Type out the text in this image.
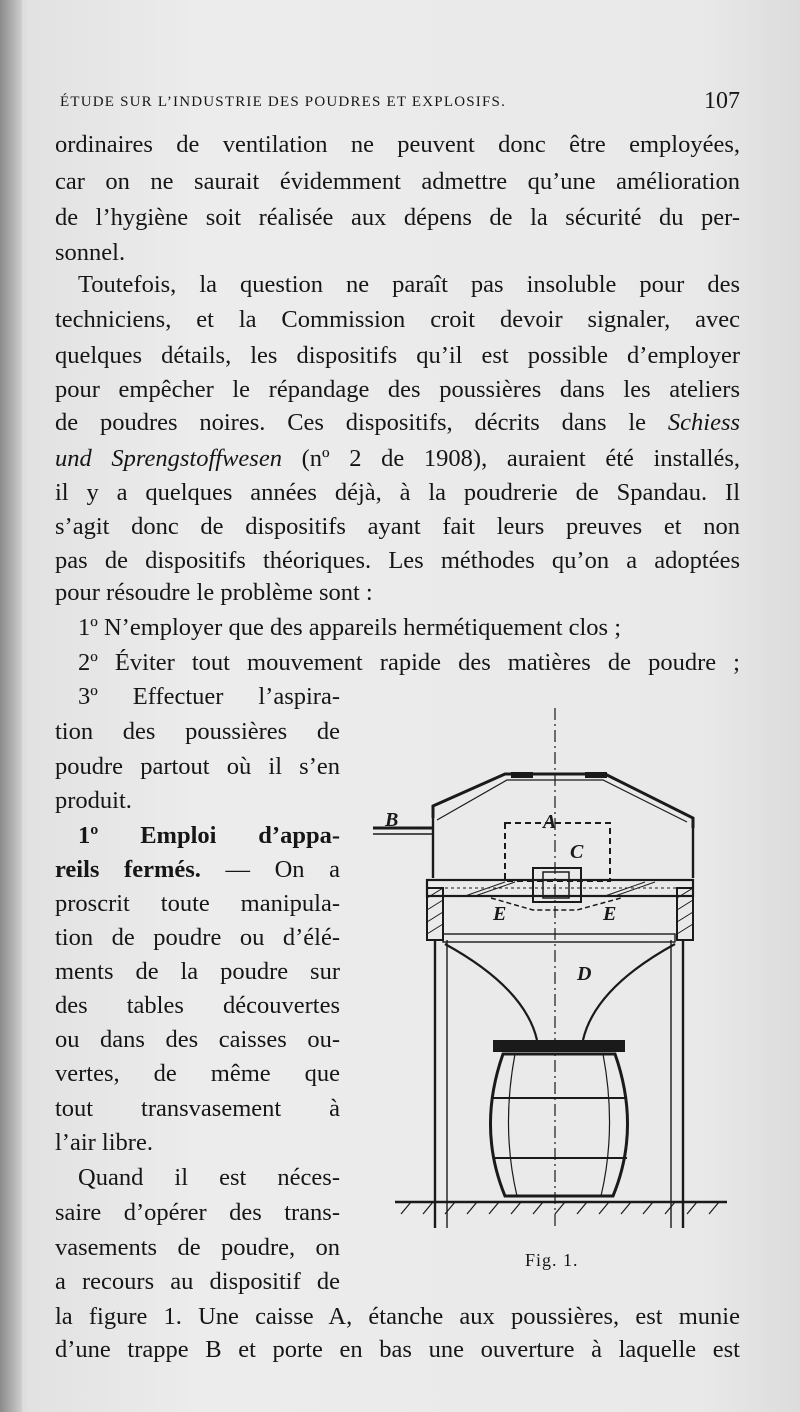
ÉTUDE SUR L’INDUSTRIE DES POUDRES ET EXPLOSIFS.	107
ordinaires de ventilation ne peuvent donc être employées,
car on ne saurait évidemment admettre qu’une amélioration
de l’hygiène soit réalisée aux dépens de la sécurité du per-
sonnel.
Toutefois, la question ne paraît pas insoluble pour des
techniciens, et la Commission croit devoir signaler, avec
quelques détails, les dispositifs qu’il est possible d’employer
pour empêcher le répandage des poussières dans les ateliers
de poudres noires. Ces dispositifs, décrits dans le Schiess
und Sprengstoffwesen (nº 2 de 1908), auraient été installés,
il y a quelques années déjà, à la poudrerie de Spandau. Il
s’agit donc de dispositifs ayant fait leurs preuves et non
pas de dispositifs théoriques. Les méthodes qu’on a adoptées
pour résoudre le problème sont :
1º N’employer que des appareils hermétiquement clos ;
2º Éviter tout mouvement rapide des matières de poudre ;
3º Effectuer l’aspira-
tion des poussières de
poudre partout où il s’en
produit.
1º Emploi d’appa-
reils fermés. — On a
proscrit toute manipula-
tion de poudre ou d’élé-
ments de la poudre sur
des tables découvertes
ou dans des caisses ou-
vertes, de même que
tout transvasement à
l’air libre.
Quand il est néces-
saire d’opérer des trans-
vasements de poudre, on
a recours au dispositif de
la figure 1. Une caisse A, étanche aux poussières, est munie
d’une trappe B et porte en bas une ouverture à laquelle est
B	A
C
E	E
D
Fig. 1.
